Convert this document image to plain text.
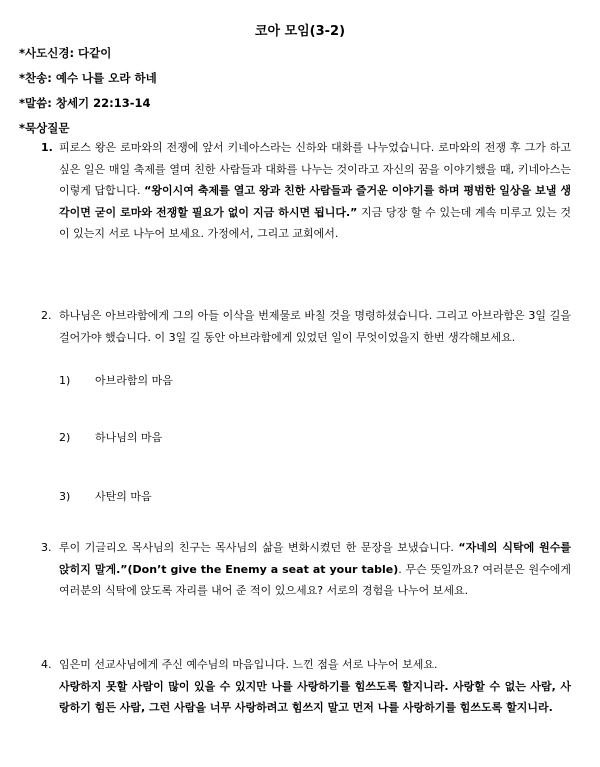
코아 모임(3-2)
*사도신경: 다같이
*찬송: 예수 나를 오라 하네
*말씀: 창세기 22:13-14
*묵상질문
1. 피로스 왕은 로마와의 전쟁에 앞서 키네아스라는 신하와 대화를 나누었습니다. 로마와의 전쟁 후 그가 하고 싶은 일은 매일 축제를 열며 친한 사람들과 대화를 나누는 것이라고 자신의 꿈을 이야기했을 때, 키네아스는 이렇게 답합니다. “왕이시여 축제를 열고 왕과 친한 사람들과 즐거운 이야기를 하며 평범한 일상을 보낼 생각이면 굳이 로마와 전쟁할 필요가 없이 지금 하시면 됩니다.” 지금 당장 할 수 있는데 계속 미루고 있는 것이 있는지 서로 나누어 보세요. 가정에서, 그리고 교회에서.
2. 하나님은 아브라함에게 그의 아들 이삭을 번제물로 바칠 것을 명령하셨습니다. 그리고 아브라함은 3일 길을 걸어가야 했습니다. 이 3일 길 동안 아브라함에게 있었던 일이 무엇이었을지 한번 생각해보세요.
1) 아브라함의 마음
2) 하나님의 마음
3) 사탄의 마음
3. 루이 기글리오 목사님의 친구는 목사님의 삶을 변화시켰던 한 문장을 보냈습니다. “자네의 식탁에 원수를 앉히지 말게.”(Don’t give the Enemy a seat at your table). 무슨 뜻일까요? 여러분은 원수에게 여러분의 식탁에 앉도록 자리를 내어 준 적이 있으세요? 서로의 경험을 나누어 보세요.
4. 임은미 선교사님에게 주신 예수님의 마음입니다. 느낀 점을 서로 나누어 보세요.
사랑하지 못할 사람이 많이 있을 수 있지만 나를 사랑하기를 힘쓰도록 할지니라. 사랑할 수 없는 사람, 사랑하기 힘든 사람, 그런 사람을 너무 사랑하려고 힘쓰지 말고 먼저 나를 사랑하기를 힘쓰도록 할지니라.
